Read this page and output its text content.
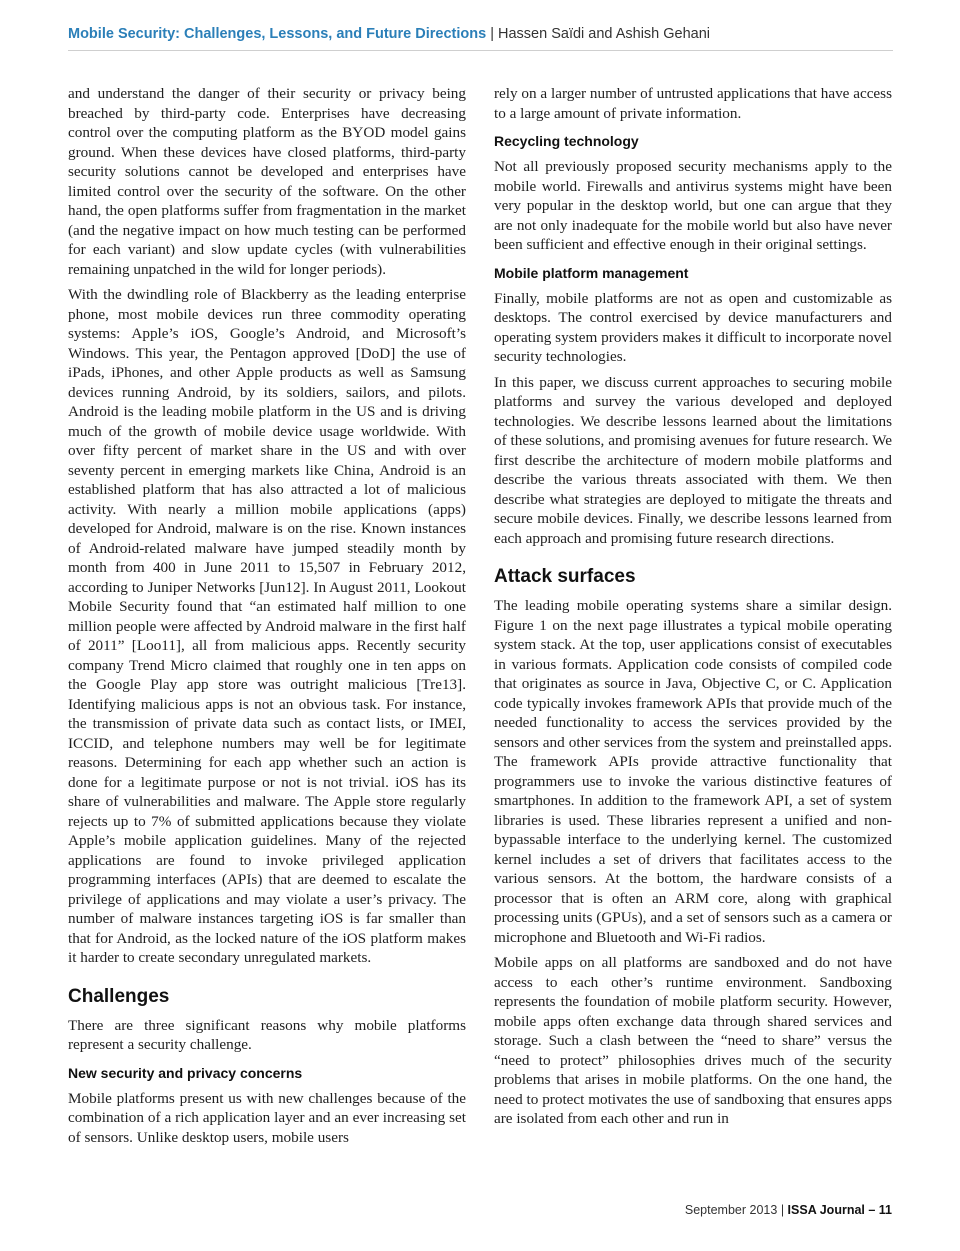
Mobile Security: Challenges, Lessons, and Future Directions | Hassen Saïdi and Ashish Gehani

and understand the danger of their security or privacy being breached by third-party code. Enterprises have decreasing control over the computing platform as the BYOD model gains ground. When these devices have closed platforms, third-party security solutions cannot be developed and enterprises have limited control over the security of the software. On the other hand, the open platforms suffer from fragmentation in the market (and the negative impact on how much testing can be performed for each variant) and slow update cycles (with vulnerabilities remaining unpatched in the wild for longer periods).

With the dwindling role of Blackberry as the leading enterprise phone, most mobile devices run three commodity operating systems: Apple’s iOS, Google’s Android, and Microsoft’s Windows. This year, the Pentagon approved [DoD] the use of iPads, iPhones, and other Apple products as well as Samsung devices running Android, by its soldiers, sailors, and pilots. Android is the leading mobile platform in the US and is driving much of the growth of mobile device usage worldwide. With over fifty percent of market share in the US and with over seventy percent in emerging markets like China, Android is an established platform that has also attracted a lot of malicious activity. With nearly a million mobile applications (apps) developed for Android, malware is on the rise. Known instances of Android-related malware have jumped steadily month by month from 400 in June 2011 to 15,507 in February 2012, according to Juniper Networks [Jun12]. In August 2011, Lookout Mobile Security found that “an estimated half million to one million people were affected by Android malware in the first half of 2011” [Loo11], all from malicious apps. Recently security company Trend Micro claimed that roughly one in ten apps on the Google Play app store was outright malicious [Tre13]. Identifying malicious apps is not an obvious task. For instance, the transmission of private data such as contact lists, or IMEI, ICCID, and telephone numbers may well be for legitimate reasons. Determining for each app whether such an action is done for a legitimate purpose or not is not trivial. iOS has its share of vulnerabilities and malware. The Apple store regularly rejects up to 7% of submitted applications because they violate Apple’s mobile application guidelines. Many of the rejected applications are found to invoke privileged application programming interfaces (APIs) that are deemed to escalate the privilege of applications and may violate a user’s privacy. The number of malware instances targeting iOS is far smaller than that for Android, as the locked nature of the iOS platform makes it harder to create secondary unregulated markets.

Challenges

There are three significant reasons why mobile platforms represent a security challenge.

New security and privacy concerns

Mobile platforms present us with new challenges because of the combination of a rich application layer and an ever increasing set of sensors. Unlike desktop users, mobile users

rely on a larger number of untrusted applications that have access to a large amount of private information.

Recycling technology

Not all previously proposed security mechanisms apply to the mobile world. Firewalls and antivirus systems might have been very popular in the desktop world, but one can argue that they are not only inadequate for the mobile world but also have never been sufficient and effective enough in their original settings.

Mobile platform management

Finally, mobile platforms are not as open and customizable as desktops. The control exercised by device manufacturers and operating system providers makes it difficult to incorporate novel security technologies.

In this paper, we discuss current approaches to securing mobile platforms and survey the various developed and deployed technologies. We describe lessons learned about the limitations of these solutions, and promising avenues for future research. We first describe the architecture of modern mobile platforms and describe the various threats associated with them. We then describe what strategies are deployed to mitigate the threats and secure mobile devices. Finally, we describe lessons learned from each approach and promising future research directions.

Attack surfaces

The leading mobile operating systems share a similar design. Figure 1 on the next page illustrates a typical mobile operating system stack. At the top, user applications consist of executables in various formats. Application code consists of compiled code that originates as source in Java, Objective C, or C. Application code typically invokes framework APIs that provide much of the needed functionality to access the services provided by the sensors and other services from the system and preinstalled apps. The framework APIs provide attractive functionality that programmers use to invoke the various distinctive features of smartphones. In addition to the framework API, a set of system libraries is used. These libraries represent a unified and non-bypassable interface to the underlying kernel. The customized kernel includes a set of drivers that facilitates access to the various sensors. At the bottom, the hardware consists of a processor that is often an ARM core, along with graphical processing units (GPUs), and a set of sensors such as a camera or microphone and Bluetooth and Wi-Fi radios.

Mobile apps on all platforms are sandboxed and do not have access to each other’s runtime environment. Sandboxing represents the foundation of mobile platform security. However, mobile apps often exchange data through shared services and storage. Such a clash between the “need to share” versus the “need to protect” philosophies drives much of the security problems that arises in mobile platforms. On the one hand, the need to protect motivates the use of sandboxing that ensures apps are isolated from each other and run in

September 2013 | ISSA Journal – 11
